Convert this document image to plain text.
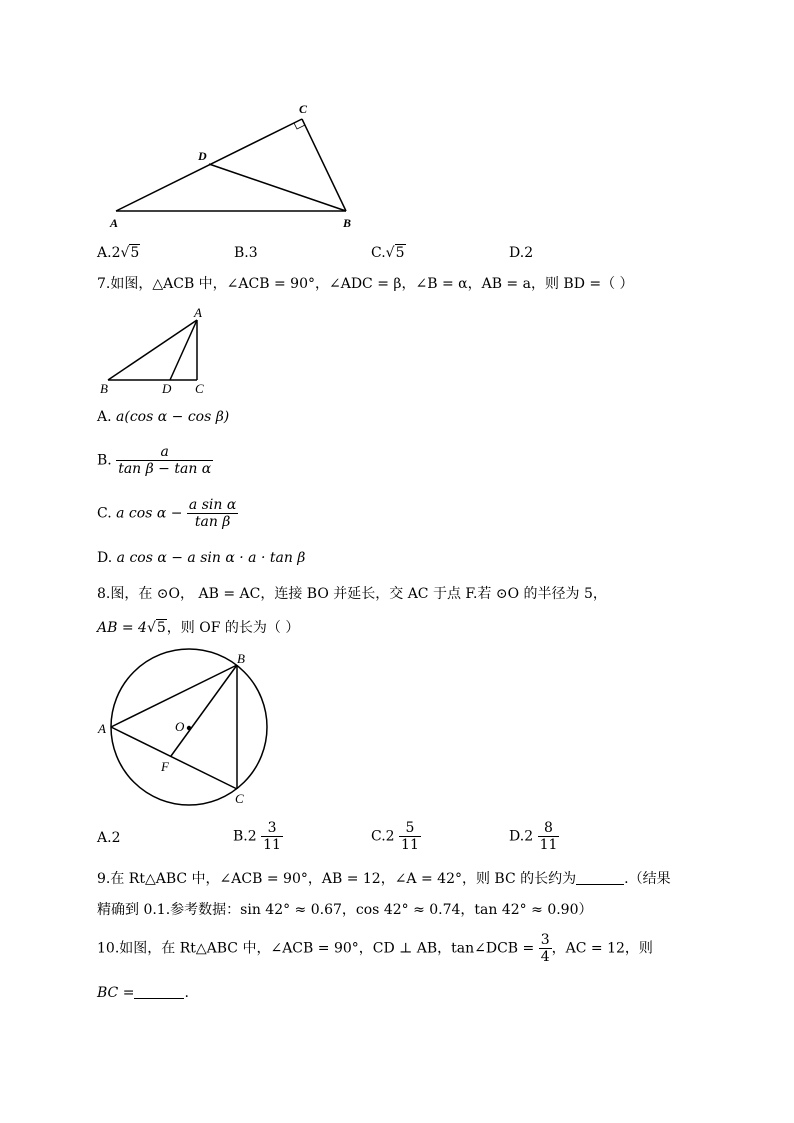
A	B
C
D
A.2√5	B.3	C.√5	D.2
7.如图，△ACB 中，∠ACB = 90°，∠ADC = β，∠B = α，AB = a，则 BD =（ ）
A
B	D C
A. a(cos α − cos β)
B. $\frac{a}{\text{tan β − tan α}}$
C. a $\cos \alpha - \frac{\text{a sin α}}{\text{tan β}}$
D. a cos α − a sin α · a · tan β
8.图，在 ⊙O， AB = AC，连接 BO 并延长，交 AC 于点 F.若 ⊙O 的半径为 5，
AB = 4√5，则 OF 的长为（ ）
A
B
C
O
F
A.2	$B.2 \frac{3}{11}$	$C.2 \frac{5}{11}$	$D.2 \frac{8}{11}$
9.在 Rt△ABC 中，∠ACB = 90°，AB = 12，∠A = 42°，则 BC 的长约为	.（结果
精确到 0.1.参考数据：sin 42° ≈ 0.67，cos 42° ≈ 0.74，tan 42° ≈ 0.90）
10.如图，在 Rt△ABC 中，∠ACB = 90°，CD ⊥ AB，tan∠DCB = $\frac{3}{4}$ ，AC = 12，则
BC =	.
